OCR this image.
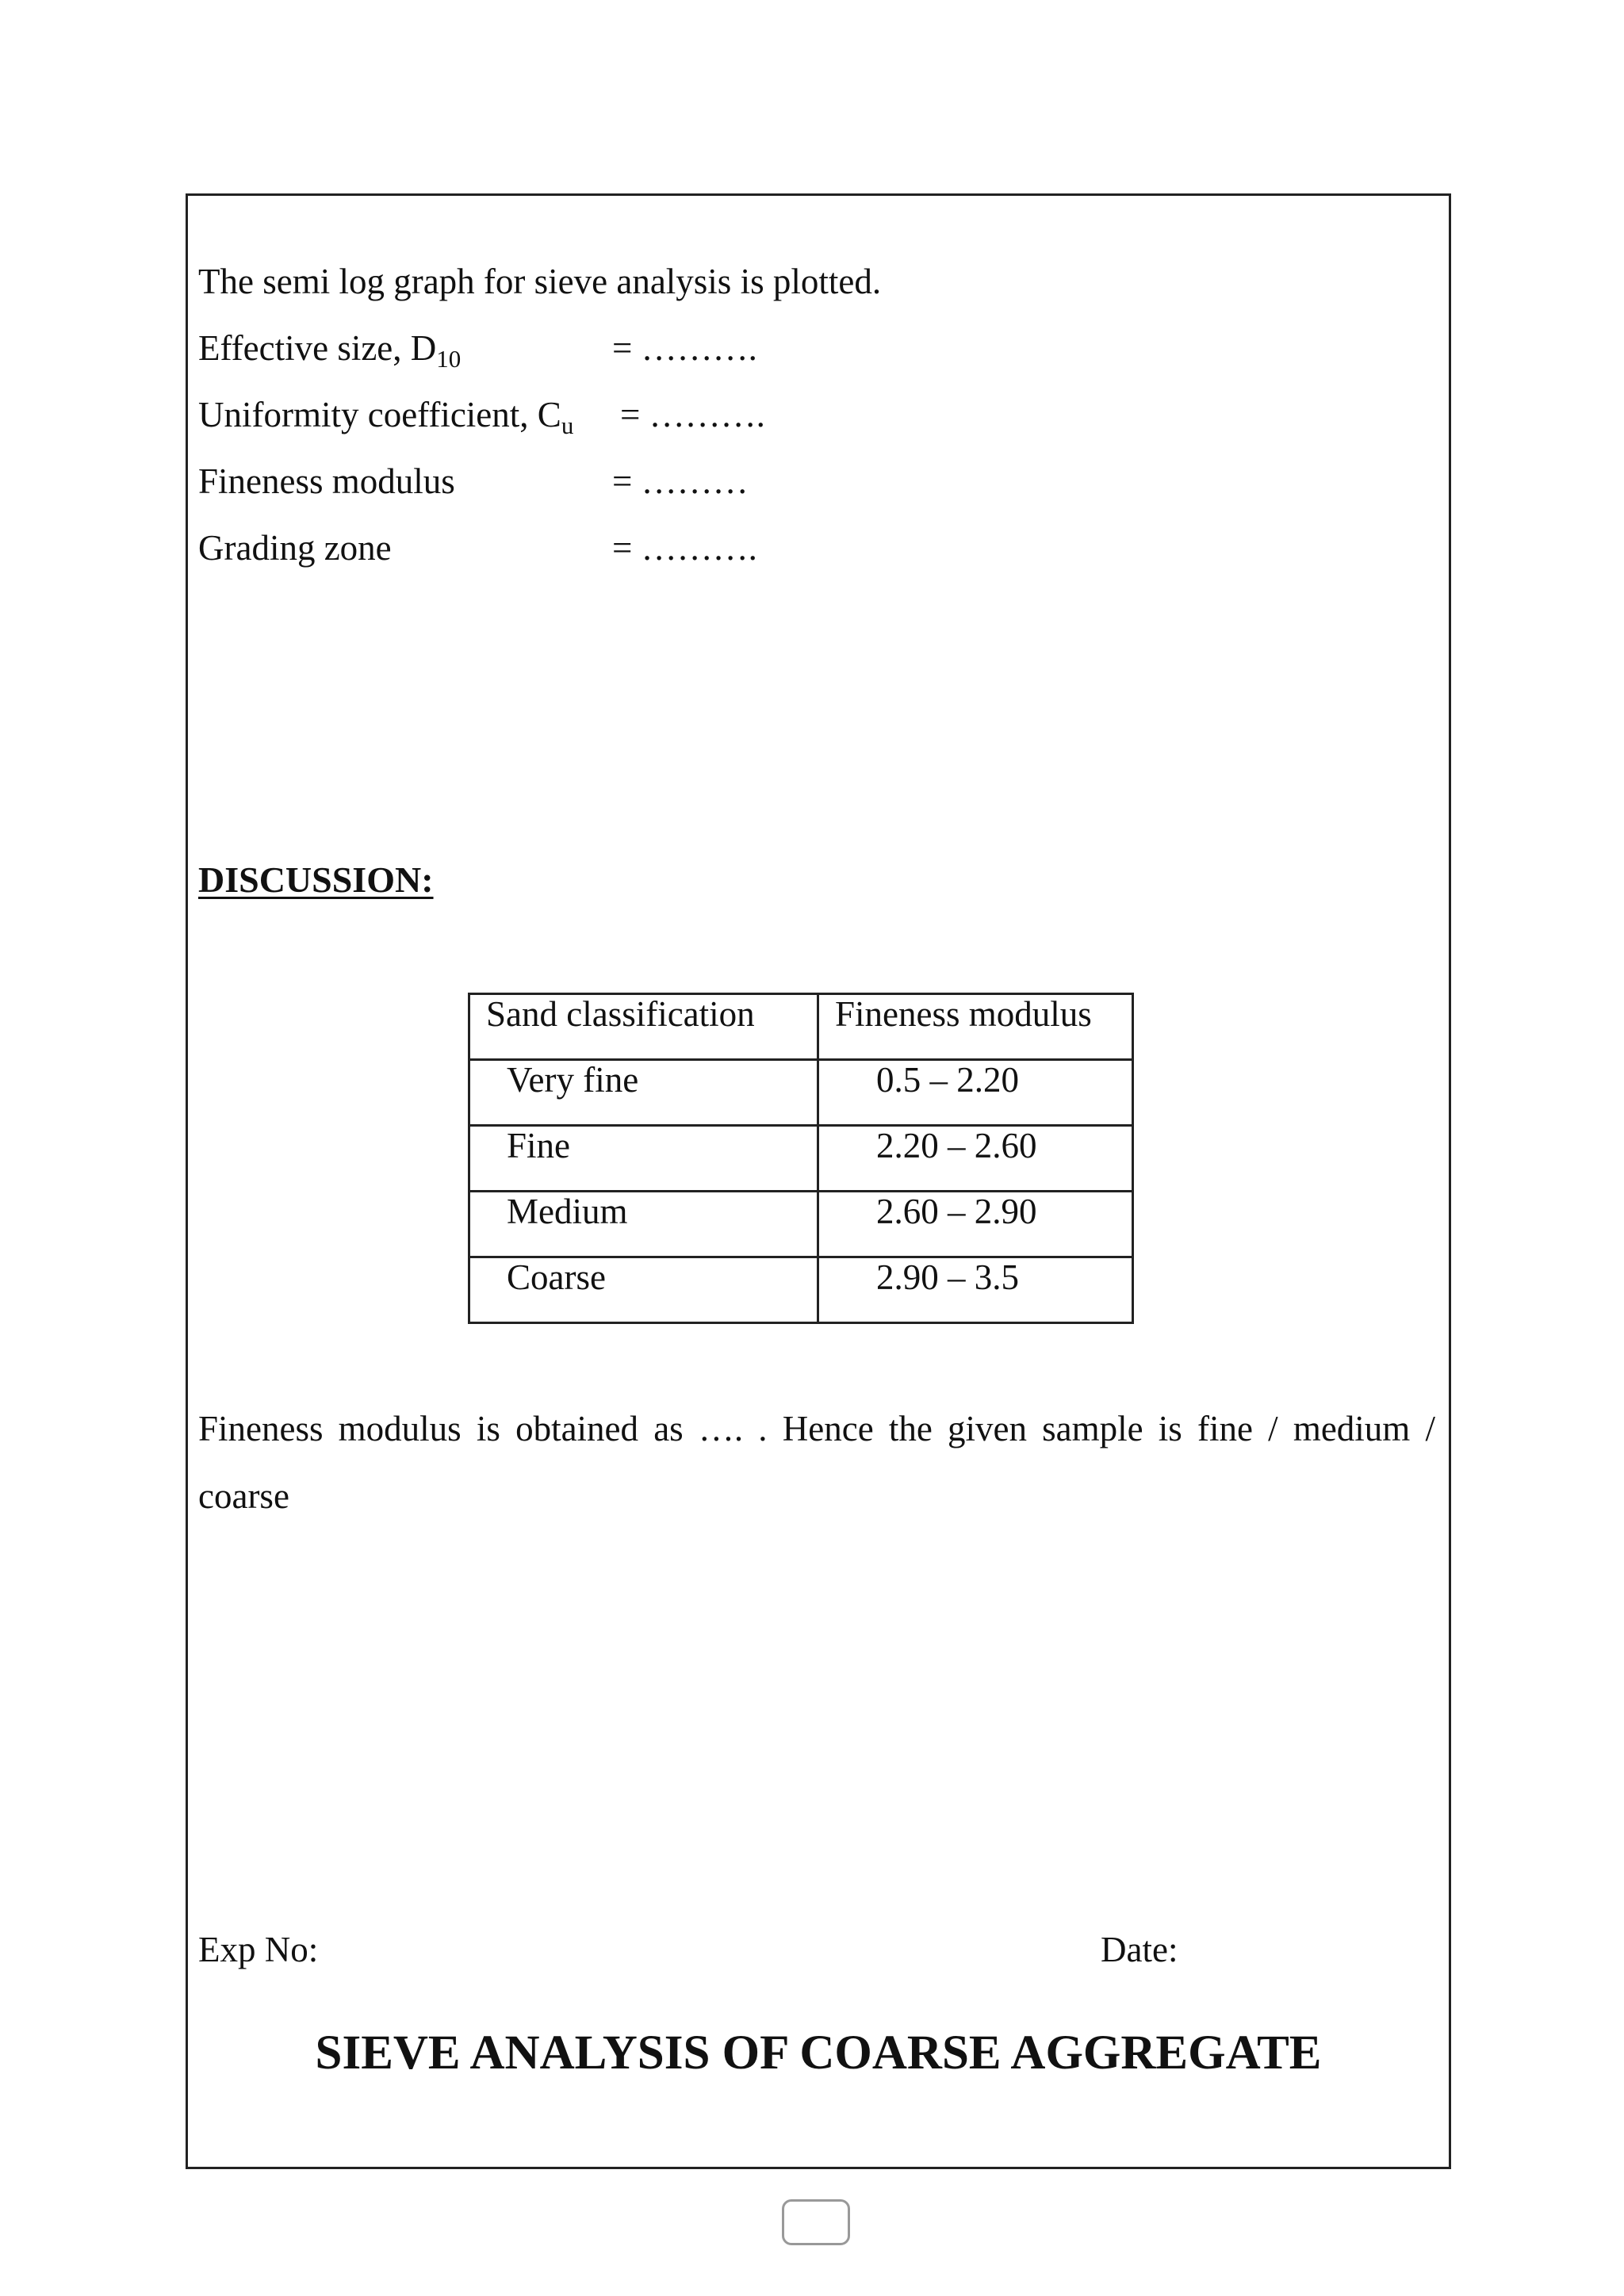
The semi log graph for sieve analysis is plotted.
Effective size, $D_{10}$	= ……….
Uniformity coefficient, $C_u$ = ……….
Fineness modulus	= ………
Grading zone	= ……….
DISCUSSION:
Sand classification	Fineness modulus
Very fine	0.5 – 2.20
Fine	2.20 – 2.60
Medium	2.60 – 2.90
Coarse	2.90 – 3.5
Fineness modulus is obtained as …. . Hence the given sample is fine / medium / coarse
Exp No:	Date:
SIEVE ANALYSIS OF COARSE AGGREGATE
